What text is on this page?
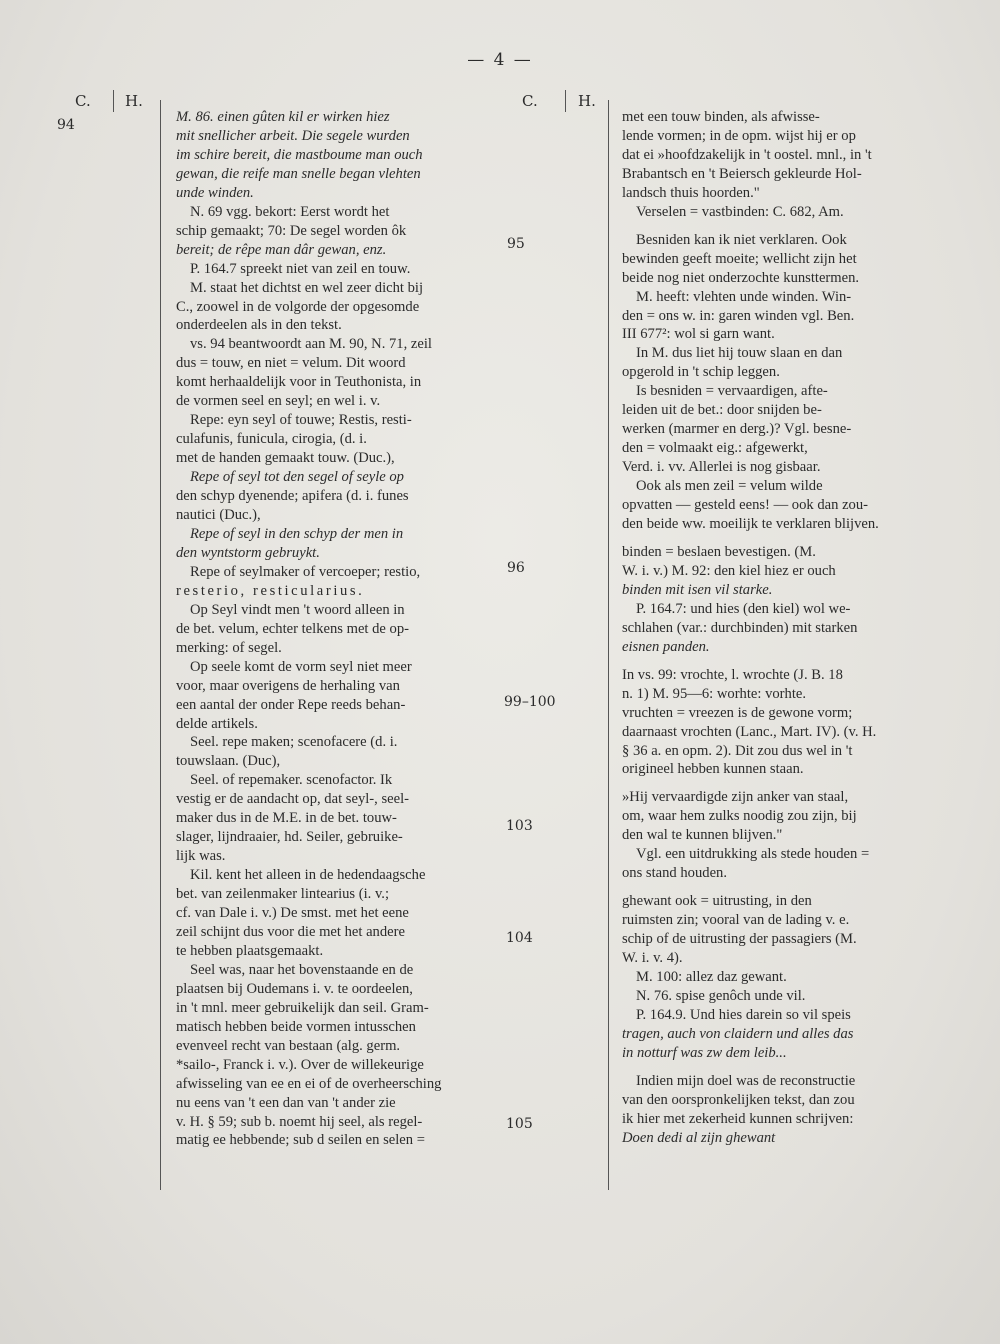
— 4 —
C. H.	C.	H.
94
95
96
99–100
103
104
105

M. 86. einen gûten kil er wirken hiez

mit snellicher arbeit. Die segele wurden

im schire bereit, die mastboume man ouch

gewan, die reife man snelle began vlehten

unde winden.

N. 69 vgg. bekort: Eerst wordt het

schip gemaakt; 70: De segel worden ôk

bereit; de rêpe man dâr gewan, enz.

P. 164.7 spreekt niet van zeil en touw.

M. staat het dichtst en wel zeer dicht bij

C., zoowel in de volgorde der opgesomde

onderdeelen als in den tekst.

vs. 94 beantwoordt aan M. 90, N. 71, zeil

dus = touw, en niet = velum. Dit woord

komt herhaaldelijk voor in Teuthonista, in

de vormen seel en seyl; en wel i. v.

Repe: eyn seyl of touwe; Restis, resti-

culafunis, funicula, cirogia, (d. i.

met de handen gemaakt touw. (Duc.),

Repe of seyl tot den segel of seyle op

den schyp dyenende; apifera (d. i. funes

nautici (Duc.),

Repe of seyl in den schyp der men in

den wyntstorm gebruykt.

Repe of seylmaker of vercoeper; restio,

resterio, resticularius.

Op Seyl vindt men 't woord alleen in

de bet. velum, echter telkens met de op-

merking: of segel.

Op seele komt de vorm seyl niet meer

voor, maar overigens de herhaling van

een aantal der onder Repe reeds behan-

delde artikels.

Seel. repe maken; scenofacere (d. i.

touwslaan. (Duc),

Seel. of repemaker. scenofactor. Ik

vestig er de aandacht op, dat seyl-, seel-

maker dus in de M.E. in de bet. touw-

slager, lijndraaier, hd. Seiler, gebruike-

lijk was.

Kil. kent het alleen in de hedendaagsche

bet. van zeilenmaker lintearius (i. v.;

cf. van Dale i. v.) De smst. met het eene

zeil schijnt dus voor die met het andere

te hebben plaatsgemaakt.

Seel was, naar het bovenstaande en de

plaatsen bij Oudemans i. v. te oordeelen,

in 't mnl. meer gebruikelijk dan seil. Gram-

matisch hebben beide vormen intusschen

evenveel recht van bestaan (alg. germ.

*sailo-, Franck i. v.). Over de willekeurige

afwisseling van ee en ei of de overheersching

nu eens van 't een dan van 't ander zie

v. H. § 59; sub b. noemt hij seel, als regel-

matig ee hebbende; sub d seilen en selen =

met een touw binden, als afwisse-

lende vormen; in de opm. wijst hij er op

dat ei »hoofdzakelijk in 't oostel. mnl., in 't

Brabantsch en 't Beiersch gekleurde Hol-

landsch thuis hoorden."

Verselen = vastbinden: C. 682, Am.

Besniden kan ik niet verklaren. Ook

bewinden geeft moeite; wellicht zijn het

beide nog niet onderzochte kunsttermen.

M. heeft: vlehten unde winden. Win-

den = ons w. in: garen winden vgl. Ben.

III 677²: wol si garn want.

In M. dus liet hij touw slaan en dan

opgerold in 't schip leggen.

Is besniden = vervaardigen, afte-

leiden uit de bet.: door snijden be-

werken (marmer en derg.)? Vgl. besne-

den = volmaakt eig.: afgewerkt,

Verd. i. vv. Allerlei is nog gisbaar.

Ook als men zeil = velum wilde

opvatten — gesteld eens! — ook dan zou-

den beide ww. moeilijk te verklaren blijven.

binden = beslaen bevestigen. (M.

W. i. v.) M. 92: den kiel hiez er ouch

binden mit isen vil starke.

P. 164.7: und hies (den kiel) wol we-

schlahen (var.: durchbinden) mit starken

eisnen panden.

In vs. 99: vrochte, l. wrochte (J. B. 18

n. 1) M. 95—6: worhte: vorhte.

vruchten = vreezen is de gewone vorm;

daarnaast vrochten (Lanc., Mart. IV). (v. H.

§ 36 a. en opm. 2). Dit zou dus wel in 't

origineel hebben kunnen staan.

»Hij vervaardigde zijn anker van staal,

om, waar hem zulks noodig zou zijn, bij

den wal te kunnen blijven."

Vgl. een uitdrukking als stede houden =

ons stand houden.

ghewant ook = uitrusting, in den

ruimsten zin; vooral van de lading v. e.

schip of de uitrusting der passagiers (M.

W. i. v. 4).

M. 100: allez daz gewant.

N. 76. spise genôch unde vil.

P. 164.9. Und hies darein so vil speis

tragen, auch von claidern und alles das

in notturf was zw dem leib...

Indien mijn doel was de reconstructie

van den oorspronkelijken tekst, dan zou

ik hier met zekerheid kunnen schrijven:

Doen dedi al zijn ghewant
